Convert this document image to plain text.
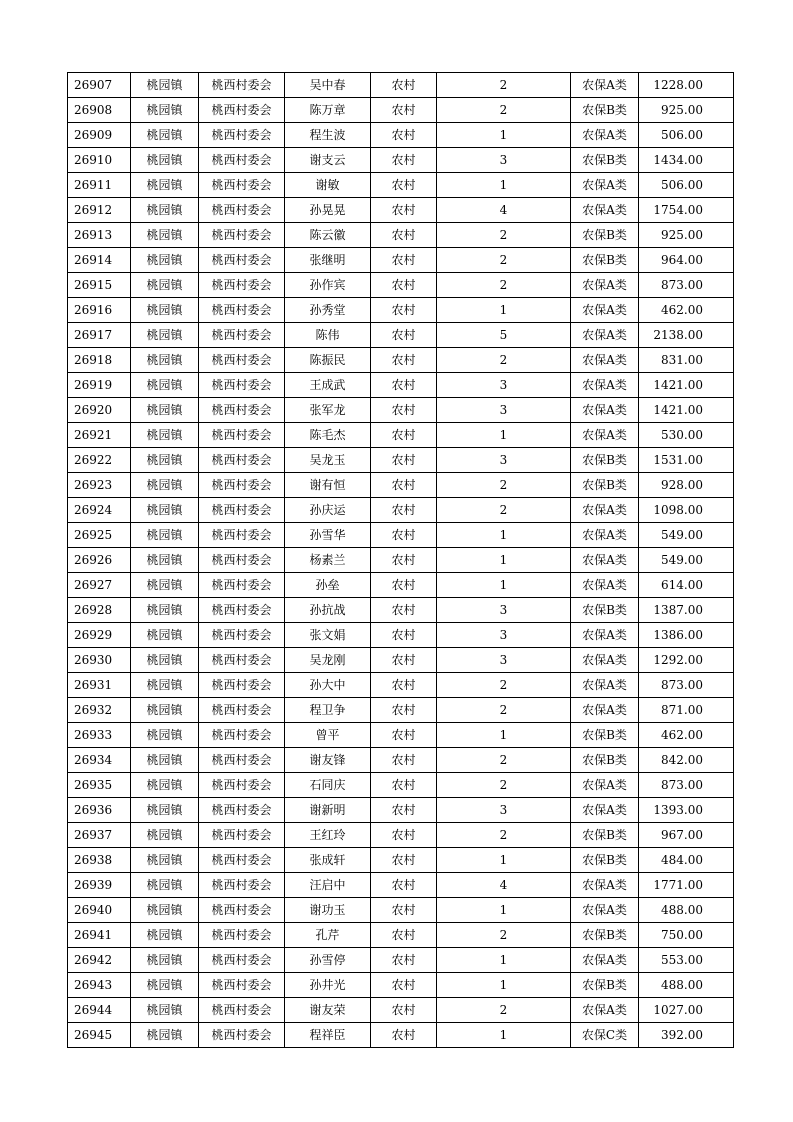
26907	桃园镇	桃西村委会	吴中春	农村	2	农保A类	1228.00
26908	桃园镇	桃西村委会	陈万章	农村	2	农保B类	925.00
26909	桃园镇	桃西村委会	程生波	农村	1	农保A类	506.00
26910	桃园镇	桃西村委会	谢支云	农村	3	农保B类	1434.00
26911	桃园镇	桃西村委会	谢敏	农村	1	农保A类	506.00
26912	桃园镇	桃西村委会	孙晃晃	农村	4	农保A类	1754.00
26913	桃园镇	桃西村委会	陈云徽	农村	2	农保B类	925.00
26914	桃园镇	桃西村委会	张继明	农村	2	农保B类	964.00
26915	桃园镇	桃西村委会	孙作宾	农村	2	农保A类	873.00
26916	桃园镇	桃西村委会	孙秀堂	农村	1	农保A类	462.00
26917	桃园镇	桃西村委会	陈伟	农村	5	农保A类	2138.00
26918	桃园镇	桃西村委会	陈振民	农村	2	农保A类	831.00
26919	桃园镇	桃西村委会	王成武	农村	3	农保A类	1421.00
26920	桃园镇	桃西村委会	张军龙	农村	3	农保A类	1421.00
26921	桃园镇	桃西村委会	陈毛杰	农村	1	农保A类	530.00
26922	桃园镇	桃西村委会	吴龙玉	农村	3	农保B类	1531.00
26923	桃园镇	桃西村委会	谢有恒	农村	2	农保B类	928.00
26924	桃园镇	桃西村委会	孙庆运	农村	2	农保A类	1098.00
26925	桃园镇	桃西村委会	孙雪华	农村	1	农保A类	549.00
26926	桃园镇	桃西村委会	杨素兰	农村	1	农保A类	549.00
26927	桃园镇	桃西村委会	孙垒	农村	1	农保A类	614.00
26928	桃园镇	桃西村委会	孙抗战	农村	3	农保B类	1387.00
26929	桃园镇	桃西村委会	张文娟	农村	3	农保A类	1386.00
26930	桃园镇	桃西村委会	吴龙刚	农村	3	农保A类	1292.00
26931	桃园镇	桃西村委会	孙大中	农村	2	农保A类	873.00
26932	桃园镇	桃西村委会	程卫争	农村	2	农保A类	871.00
26933	桃园镇	桃西村委会	曾平	农村	1	农保B类	462.00
26934	桃园镇	桃西村委会	谢友锋	农村	2	农保B类	842.00
26935	桃园镇	桃西村委会	石同庆	农村	2	农保A类	873.00
26936	桃园镇	桃西村委会	谢新明	农村	3	农保A类	1393.00
26937	桃园镇	桃西村委会	王红玲	农村	2	农保B类	967.00
26938	桃园镇	桃西村委会	张成轩	农村	1	农保B类	484.00
26939	桃园镇	桃西村委会	汪启中	农村	4	农保A类	1771.00
26940	桃园镇	桃西村委会	谢功玉	农村	1	农保A类	488.00
26941	桃园镇	桃西村委会	孔芹	农村	2	农保B类	750.00
26942	桃园镇	桃西村委会	孙雪停	农村	1	农保A类	553.00
26943	桃园镇	桃西村委会	孙井光	农村	1	农保B类	488.00
26944	桃园镇	桃西村委会	谢友荣	农村	2	农保A类	1027.00
26945	桃园镇	桃西村委会	程祥臣	农村	1	农保C类	392.00
